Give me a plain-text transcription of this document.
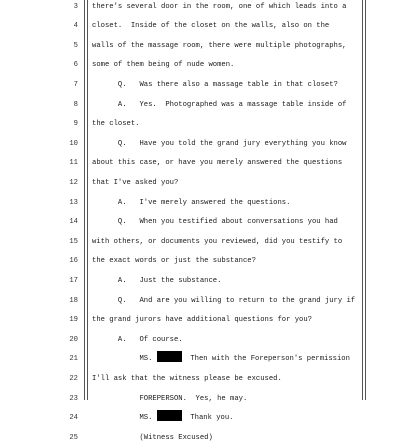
3 there's several door in the room, one of which leads into a
4 closet.  Inside of the closet on the walls, also on the
5 walls of the massage room, there were multiple photographs,
6 some of them being of nude women.
7 Q.   Was there also a massage table in that closet?
8 A.   Yes.  Photographed was a massage table inside of
9 the closet.
10 Q.   Have you told the grand jury everything you know
11 about this case, or have you merely answered the questions
12 that I've asked you?
13 A.   I've merely answered the questions.
14 Q.   When you testified about conversations you had
15 with others, or documents you reviewed, did you testify to
16 the exact words or just the substance?
17 A.   Just the substance.
18 Q.   And are you willing to return to the grand jury if
19 the grand jurors have additional questions for you?
20 A.   Of course.
21 MS.	Then with the Foreperson's permission
22 I'll ask that the witness please be excused.
23 FOREPERSON.  Yes, he may.
24 MS.	Thank you.
25 (Witness Excused)
